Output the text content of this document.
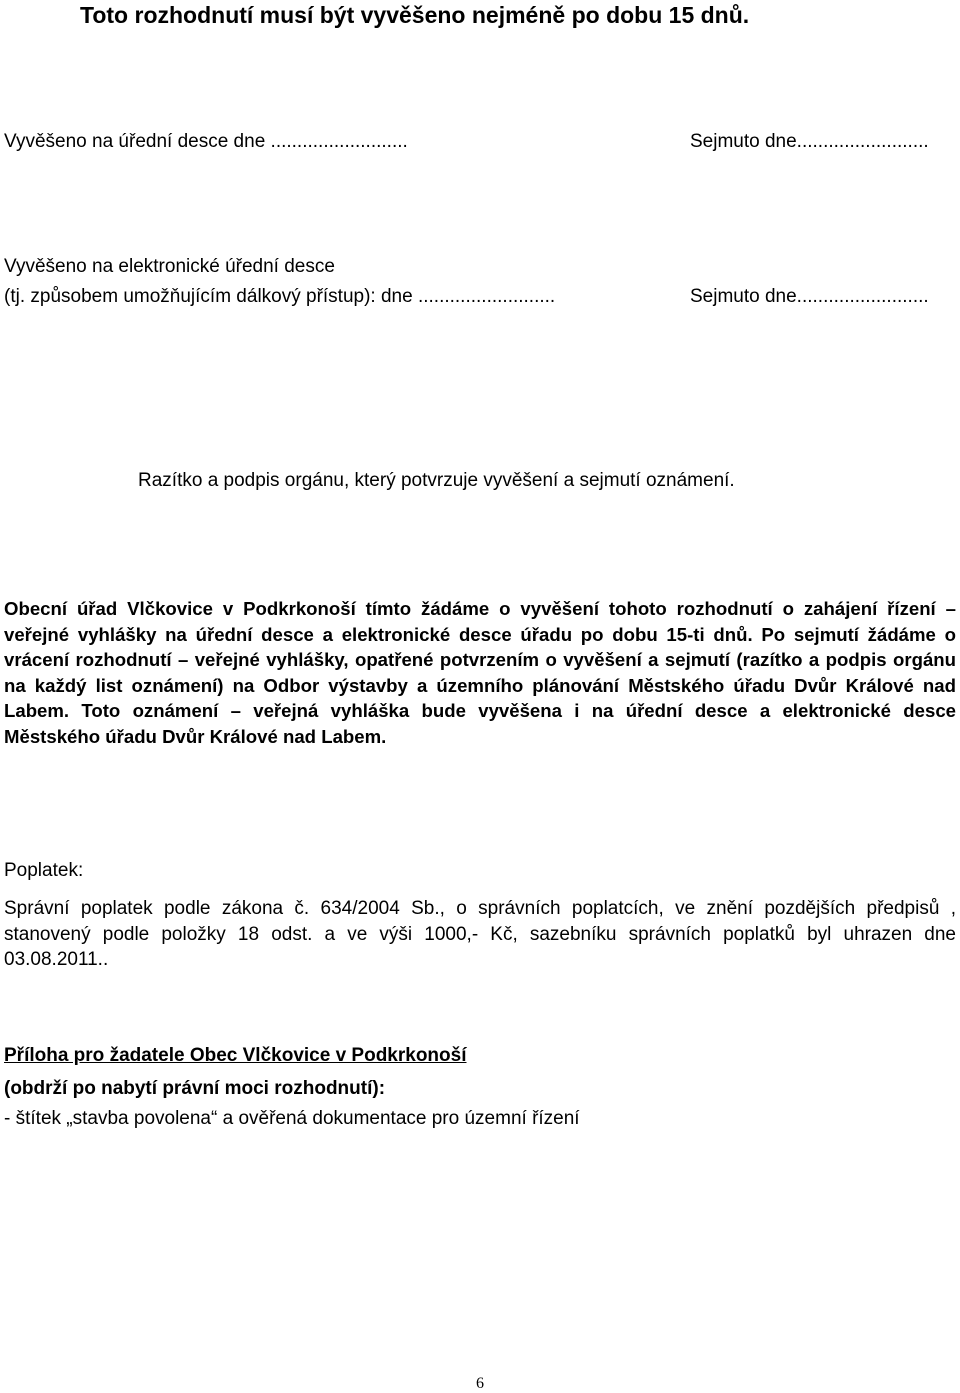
Toto rozhodnutí musí být vyvěšeno nejméně po dobu 15 dnů.
Vyvěšeno na úřední desce dne ..........................	Sejmuto dne.........................
Vyvěšeno na elektronické úřední desce
(tj. způsobem umožňujícím dálkový přístup): dne ..........................	Sejmuto dne.........................
Razítko a podpis orgánu, který potvrzuje vyvěšení a sejmutí oznámení.
Obecní úřad Vlčkovice v Podkrkonoší tímto žádáme o vyvěšení tohoto rozhodnutí o zahájení řízení – veřejné vyhlášky na úřední desce a elektronické desce úřadu po dobu 15-ti dnů. Po sejmutí žádáme o vrácení rozhodnutí – veřejné vyhlášky, opatřené potvrzením o vyvěšení a sejmutí (razítko a podpis orgánu na každý list oznámení) na Odbor výstavby a územního plánování Městského úřadu Dvůr Králové nad Labem. Toto oznámení – veřejná vyhláška bude vyvěšena i na úřední desce a elektronické desce Městského úřadu Dvůr Králové nad Labem.
Poplatek:
Správní poplatek podle zákona č. 634/2004 Sb., o správních poplatcích, ve znění pozdějších předpisů , stanovený podle položky 18 odst. a ve výši 1000,- Kč, sazebníku správních poplatků byl uhrazen dne 03.08.2011..
Příloha pro žadatele Obec Vlčkovice v Podkrkonoší
(obdrží po nabytí právní moci rozhodnutí):
- štítek „stavba povolena“ a ověřená dokumentace pro územní řízení
6
